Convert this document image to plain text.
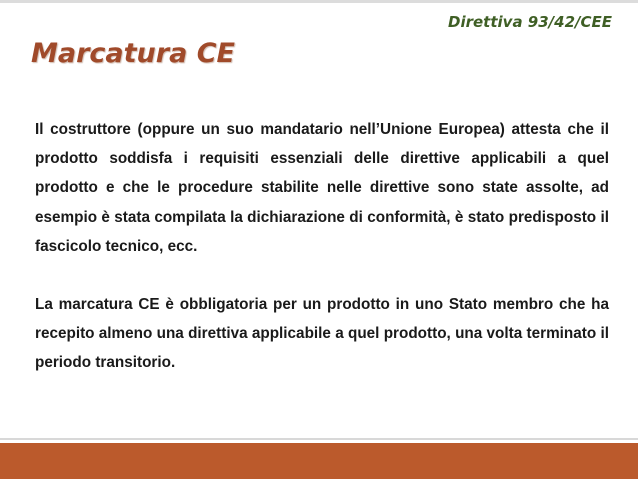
Direttiva 93/42/CEE
Marcatura CE

Il costruttore (oppure un suo mandatario nell’Unione Europea) attesta che il prodotto soddisfa i requisiti essenziali delle direttive applicabili a quel prodotto e che le procedure stabilite nelle direttive sono state assolte, ad esempio è stata compilata la dichiarazione di conformità, è stato predisposto il fascicolo tecnico, ecc.

La marcatura CE è obbligatoria per un prodotto in uno Stato membro che ha recepito almeno una direttiva applicabile a quel prodotto, una volta terminato il periodo transitorio.
